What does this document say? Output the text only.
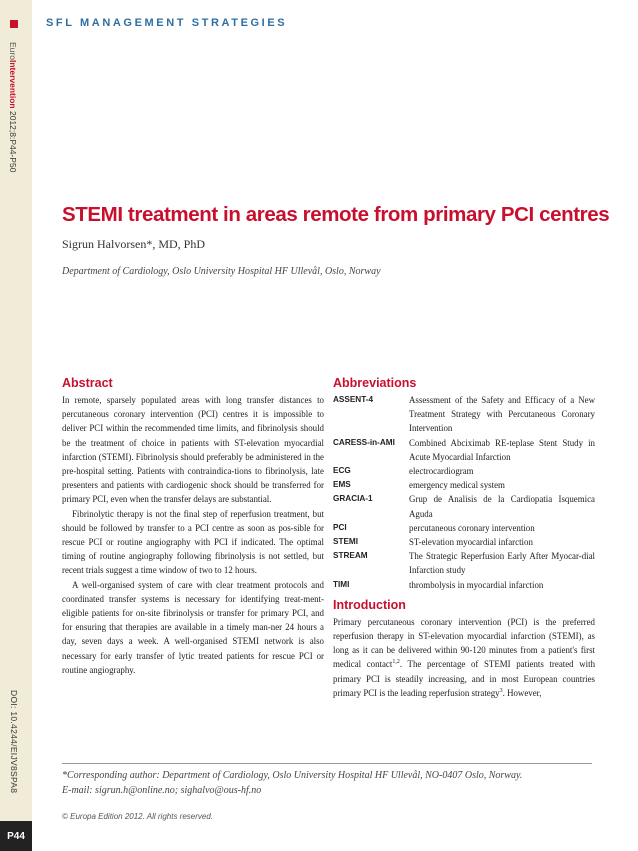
SFL MANAGEMENT STRATEGIES
EuroIntervention 2012;8:P44-P50
DOI: 10.4244/EIJV8SPA8
P44
STEMI treatment in areas remote from primary PCI centres
Sigrun Halvorsen*, MD, PhD
Department of Cardiology, Oslo University Hospital HF Ullevål, Oslo, Norway
Abstract

In remote, sparsely populated areas with long transfer distances to percutaneous coronary intervention (PCI) centres it is impossible to deliver PCI within the recommended time limits, and fibrinolysis should be the treatment of choice in patients with ST-elevation myocardial infarction (STEMI). Fibrinolysis should preferably be administered in the pre-hospital setting. Patients with contraindica-tions to fibrinolysis, late presenters and patients with cardiogenic shock should be transferred for primary PCI, even when the transfer delays are substantial.

Fibrinolytic therapy is not the final step of reperfusion treatment, but should be followed by transfer to a PCI centre as soon as pos-sible for rescue PCI or routine angiography with PCI if indicated. The optimal timing of routine angiography following fibrinolysis is not settled, but recent trials suggest a time window of two to 12 hours.

A well-organised system of care with clear treatment protocols and coordinated transfer systems is necessary for identifying treat-ment-eligible patients for on-site fibrinolysis or transfer for primary PCI, and for ensuring that therapies are available in a timely man-ner 24 hours a day, seven days a week. A well-organised STEMI network is also necessary for early transfer of lytic treated patients for rescue PCI or routine angiography.

Abbreviations
ASSENT-4	Assessment of the Safety and Efficacy of a New Treatment Strategy with Percutaneous Coronary Intervention
CARESS-in-AMI	Combined Abciximab RE-teplase Stent Study in Acute Myocardial Infarction
ECG	electrocardiogram
EMS	emergency medical system
GRACIA-1	Grup de Analisis de la Cardiopatia Isquemica Aguda
PCI	percutaneous coronary intervention
STEMI	ST-elevation myocardial infarction
STREAM	The Strategic Reperfusion Early After Myocar-dial Infarction study
TIMI	thrombolysis in myocardial infarction
Introduction

Primary percutaneous coronary intervention (PCI) is the preferred reperfusion therapy in ST-elevation myocardial infarction (STEMI), as long as it can be delivered within 90-120 minutes from a patient's first medical contact$^{1,2}$. The percentage of STEMI patients treated with primary PCI is steadily increasing, and in most European countries primary PCI is the leading reperfusion strategy$^3$. However,

*Corresponding author: Department of Cardiology, Oslo University Hospital HF Ullevål, NO-0407 Oslo, Norway.
E-mail: sigrun.h@online.no; sighalvo@ous-hf.no
© Europa Edition 2012. All rights reserved.
